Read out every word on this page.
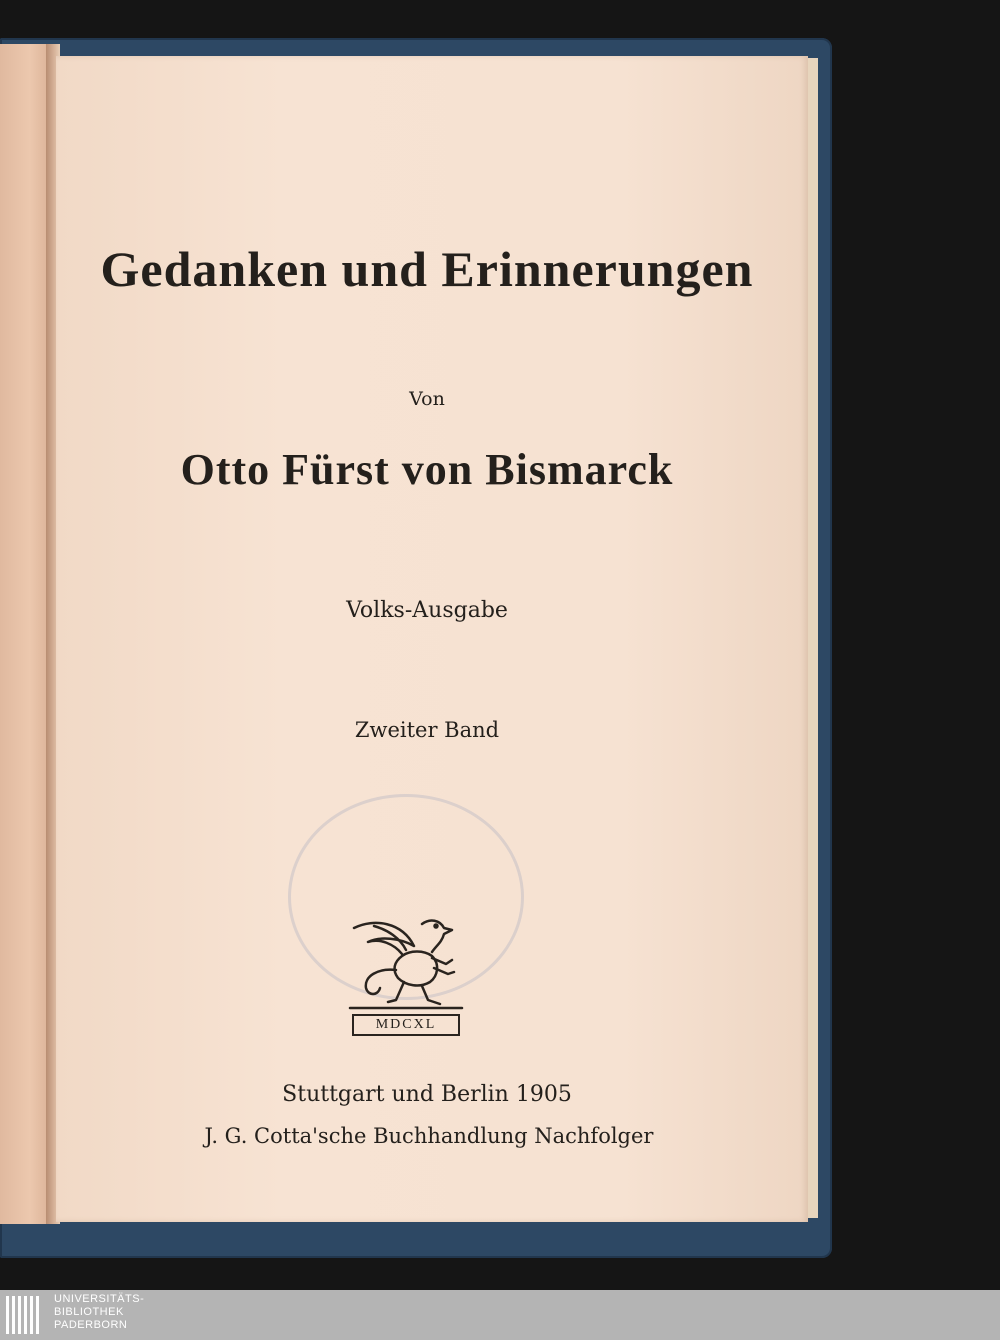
Gedanken und Erinnerungen
Von
Otto Fürst von Bismarck
Volks-Ausgabe
Zweiter Band
MDCXL
Stuttgart und Berlin 1905
J. G. Cotta'sche Buchhandlung Nachfolger
UNIVERSITÄTS-
BIBLIOTHEK
PADERBORN
